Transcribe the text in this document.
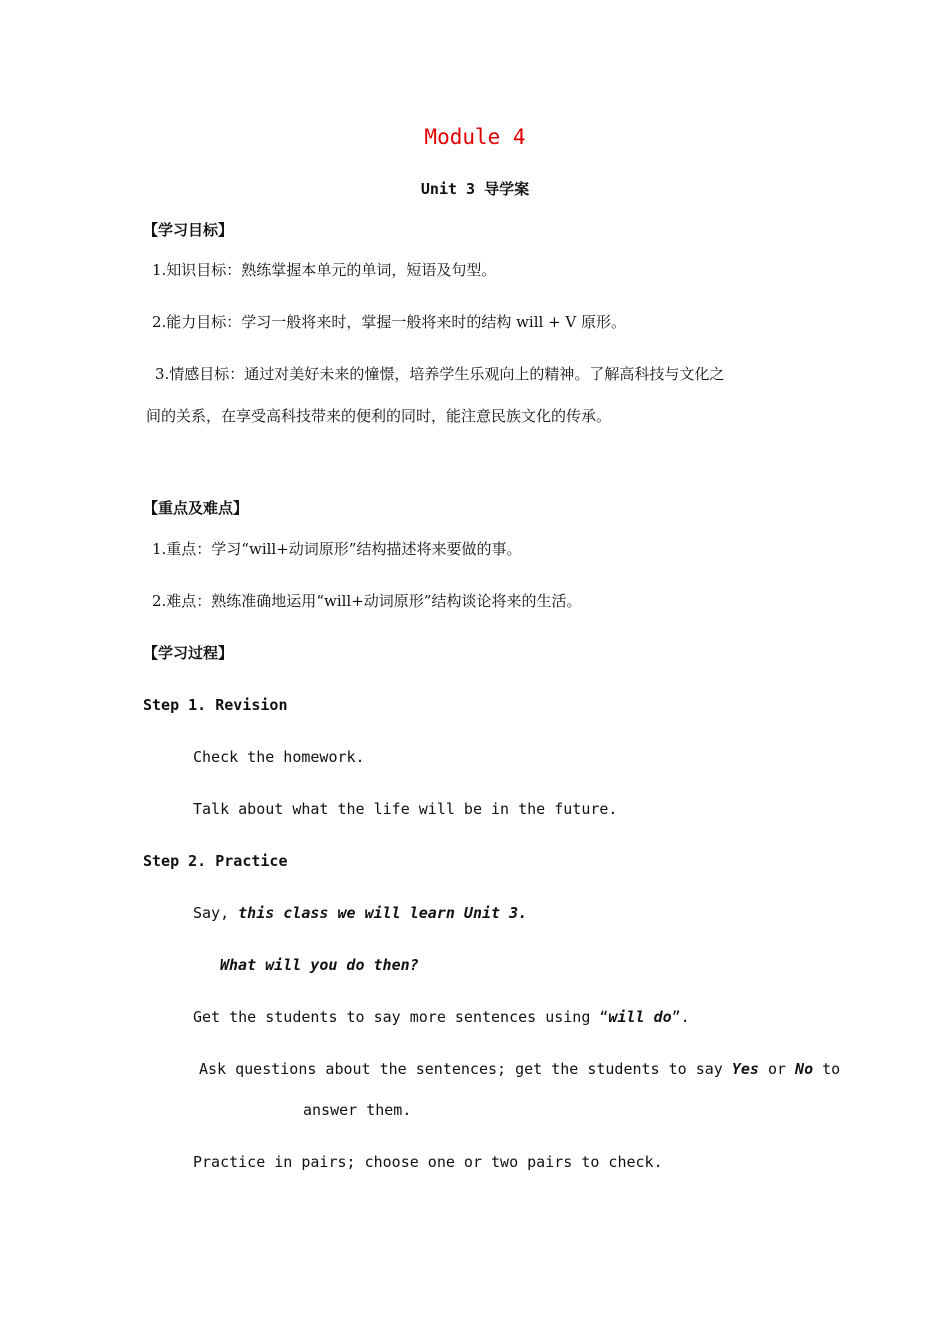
Module 4
Unit 3 导学案
【学习目标】
1.知识目标：熟练掌握本单元的单词，短语及句型。
2.能力目标：学习一般将来时，掌握一般将来时的结构 will + V 原形。
3.情感目标：通过对美好未来的憧憬，培养学生乐观向上的精神。了解高科技与文化之
间的关系，在享受高科技带来的便利的同时，能注意民族文化的传承。
【重点及难点】
1.重点：学习“will+动词原形”结构描述将来要做的事。
2.难点：熟练准确地运用“will+动词原形”结构谈论将来的生活。
【学习过程】
Step 1. Revision
Check the homework.
Talk about what the life will be in the future.
Step 2. Practice
Say, this class we will learn Unit 3.
What will you do then?
Get the students to say more sentences using “will do”.
Ask questions about the sentences; get the students to say Yes or No to
answer them.
Practice in pairs; choose one or two pairs to check.
